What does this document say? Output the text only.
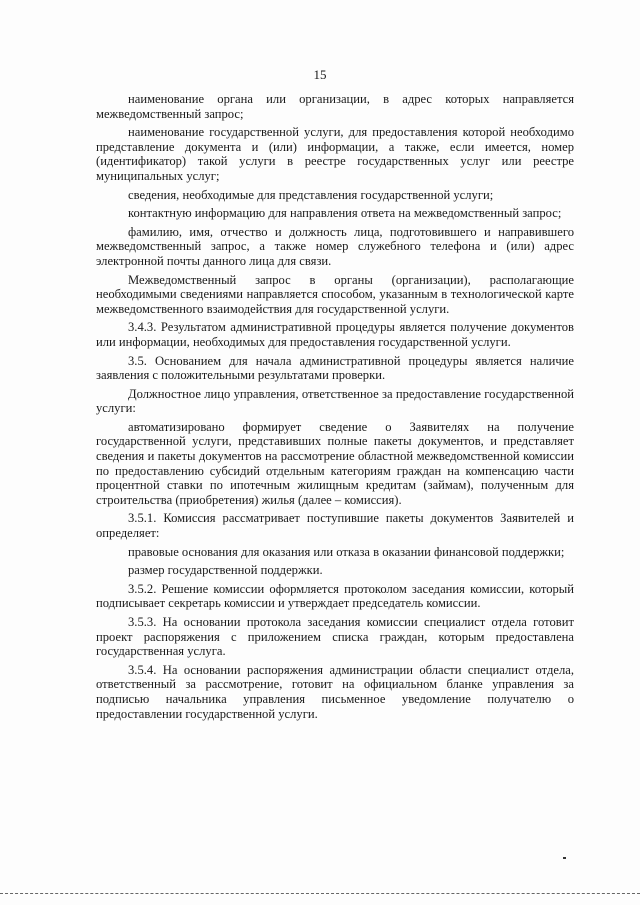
15

наименование органа или организации, в адрес которых направляется межведомственный запрос;

наименование государственной услуги, для предоставления которой необходимо представление документа и (или) информации, а также, если имеется, номер (идентификатор) такой услуги в реестре государственных услуг или реестре муниципальных услуг;

сведения, необходимые для представления государственной услуги;

контактную информацию для направления ответа на межведомственный запрос;

фамилию, имя, отчество и должность лица, подготовившего и направившего межведомственный запрос, а также номер служебного телефона и (или) адрес электронной почты данного лица для связи.

Межведомственный запрос в органы (организации), располагающие необходимыми сведениями направляется способом, указанным в технологической карте межведомственного взаимодействия для государственной услуги.

3.4.3. Результатом административной процедуры является получение документов или информации, необходимых для предоставления государственной услуги.

3.5. Основанием для начала административной процедуры является наличие заявления с положительными результатами проверки.

Должностное лицо управления, ответственное за предоставление государственной услуги:

автоматизировано формирует сведение о Заявителях на получение государственной услуги, представивших полные пакеты документов, и представляет сведения и пакеты документов на рассмотрение областной межведомственной комиссии по предоставлению субсидий отдельным категориям граждан на компенсацию части процентной ставки по ипотечным жилищным кредитам (займам), полученным для строительства (приобретения) жилья (далее – комиссия).

3.5.1. Комиссия рассматривает поступившие пакеты документов Заявителей и определяет:

правовые основания для оказания или отказа в оказании финансовой поддержки;

размер государственной поддержки.

3.5.2. Решение комиссии оформляется протоколом заседания комиссии, который подписывает секретарь комиссии и утверждает председатель комиссии.

3.5.3. На основании протокола заседания комиссии специалист отдела готовит проект распоряжения с приложением списка граждан, которым предоставлена государственная услуга.

3.5.4. На основании распоряжения администрации области специалист отдела, ответственный за рассмотрение, готовит на официальном бланке управления за подписью начальника управления письменное уведомление получателю о предоставлении государственной услуги.
